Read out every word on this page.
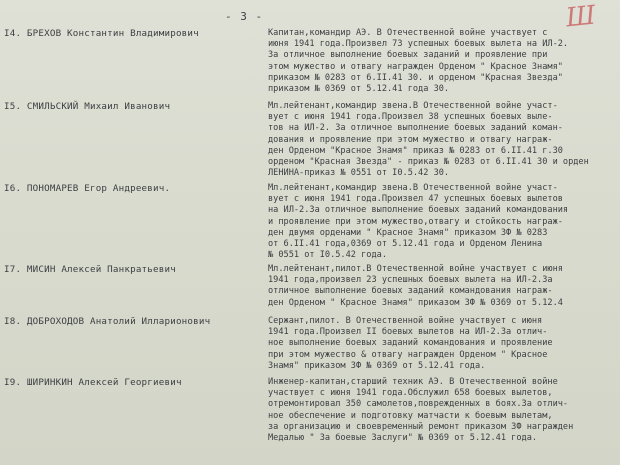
- 3 -	Ш
I4. БРЕХОВ Константин Владимирович	Капитан,командир АЭ. В Отечественной войне участвует с
июня 1941 года.Произвел 73 успешных боевых вылета на ИЛ-2.
За отличное выполнение боевых заданий и проявление при
этом мужество и отвагу награжден Орденом " Красное Знамя"
приказом № 0283 от 6.II.41 30. и орденом "Красная Звезда"
приказом № 0369 от 5.12.41 года 30.
I5. СМИЛЬСКИЙ Михаил Иванович	Мл.лейтенант,командир звена.В Отечественной войне участ-
вует с июня 1941 года.Произвел 38 успешных боевых выле-
тов на ИЛ-2. За отличное выполнение боевых заданий коман-
дования и проявление при этом мужество и отвагу награж-
ден Орденом "Красное Знамя" приказ № 0283 от 6.II.41 г.30
орденом "Красная Звезда" - приказ № 0283 от 6.II.41 30 и орден
ЛЕНИНА-приказ № 0551 от I0.5.42 30.
I6. ПОНОМАРЕВ Егор Андреевич.	Мл.лейтенант,командир звена.В Отечественной войне участ-
вует с июня 1941 года.Произвел 47 успешных боевых вылетов
на ИЛ-2.За отличное выполнение боевых заданий командования
и проявление при этом мужество,отвагу и стойкость награж-
ден двумя орденами " Красное Знамя" приказом 3Ф № 0283
от 6.II.41 года,0369 от 5.12.41 года и Орденом Ленина
№ 0551 от I0.5.42 года.
I7. МИСИН Алексей Панкратьевич	Мл.лейтенант,пилот.В Отечественной войне участвует с июня
1941 года,произвел 23 успешных боевых вылета на ИЛ-2.За
отличное выполнение боевых заданий командования награж-
ден Орденом " Красное Знамя" приказом 3Ф № 0369 от 5.12.4
I8. ДОБРОХОДОВ Анатолий Илларионович	Сержант,пилот. В Отечественной войне участвует с июня
1941 года.Произвел II боевых вылетов на ИЛ-2.За отлич-
ное выполнение боевых заданий командования и проявление
при этом мужество & отвагу награжден Орденом " Красное
Знамя" приказом 3Ф № 0369 от 5.12.41 года.
I9. ШИРИНКИН Алексей Георгиевич	Инженер-капитан,старший техник АЭ. В Отечественной войне
участвует с июня 1941 года.Обслужил 658 боевых вылетов,
отремонтировал 350 самолетов,поврежденных в боях.За отлич-
ное обеспечение и подготовку матчасти к боевым вылетам,
за организацию и своевременный ремонт приказом 3Ф награжден
Медалью " За боевые Заслуги" № 0369 от 5.12.41 года.
